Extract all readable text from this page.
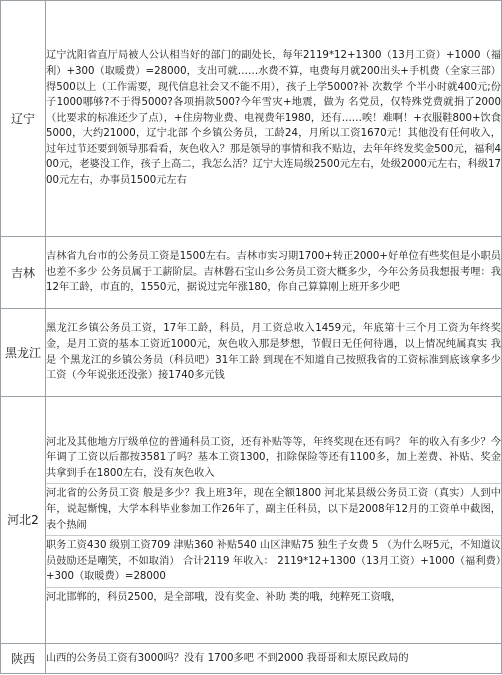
辽宁	辽宁沈阳省直厅局被人公认相当好的部门的副处长，每年2119*12+1300（13月工资）+1000（福利）+300（取暖费）=28000，支出可就……水费不算，电费每月就200出头+手机费（全家三部）得500以上（工作需要，现代信息社会又不能不用），孩子上学5000?补 次数学 个半小时就400元;份子1000哪够?不于得5000?各项捐款500?今年雪灾+地震，做为 名党员，仅特殊党费就捐了2000（比要求的标准还少了点），+住房物业费、电视费年1980，还有……唉！难啊！+衣服鞋800+饮食5000，大约21000，辽宁北部 个乡镇公务员，工龄24，月所以工资1670元！其他没有任何收入，过年过节还要到领导那看看，灰色收入？那是领导的事情和我不贴边，去年年终发奖金500元，福利400元，老婆没工作，孩子上高二，我怎么活？辽宁大连局级2500元左右，处级2000元左右，科级1700元左右，办事员1500元左右

吉林	吉林省九台市的公务员工资是1500左右。吉林市实习期1700+转正2000+好单位有些奖但是小职员也差不多少 公务员属于工薪阶层。吉林磐石宝山乡公务员工资大概多少，今年公务员我想报考哩：我12年工龄，市直的，1550元，据说过完年涨180，你自己算算刚上班开多少吧

黑龙江	黑龙江乡镇公务员工资，17年工龄，科员，月工资总收入1459元，年底第十三个月工资为年终奖金，是月工资的基本工资近1000元，灰色收入那是梦想，节假日无任何待遇，以上情况纯属真实 我是 个黑龙江的乡镇公务员（科员吧）31年工龄 到现在不知道自己按照我省的工资标准到底该拿多少工资（今年说张还没张）接1740多元钱

河北2	河北及其他地方厅级单位的普通科员工资，还有补贴等等，年终奖现在还有吗？ 年的收入有多少？今年调了工资以后都按3581了吗？基本工资1300，扣除保险等还有1100多，加上差费、补贴、奖金 共拿到手在1800左右，没有灰色收入
河北省的公务员工资 般是多少？我上班3年，现在全额1800 河北某县级公务员工资（真实）人到中年，说起惭愧，大学本科毕业参加工作26年了，副主任科员，以下是2008年12月的工资单中截图，表个热闹
职务工资430 级别工资709 津贴360 补贴540 山区津贴75 独生子女费 5 （为什么呀5元，不知道议员鼓励还是嘲笑，不如取消） 合计2119 年收入： 2119*12+1300（13月工资）+1000（福利费）+300（取暖费）=28000
河北邯郸的，科员2500，是全部哦，没有奖金、补助 类的哦，纯粹死工资哦，

陕西	山西的公务员工资有3000吗？没有 1700多吧 不到2000 我哥哥和太原民政局的
